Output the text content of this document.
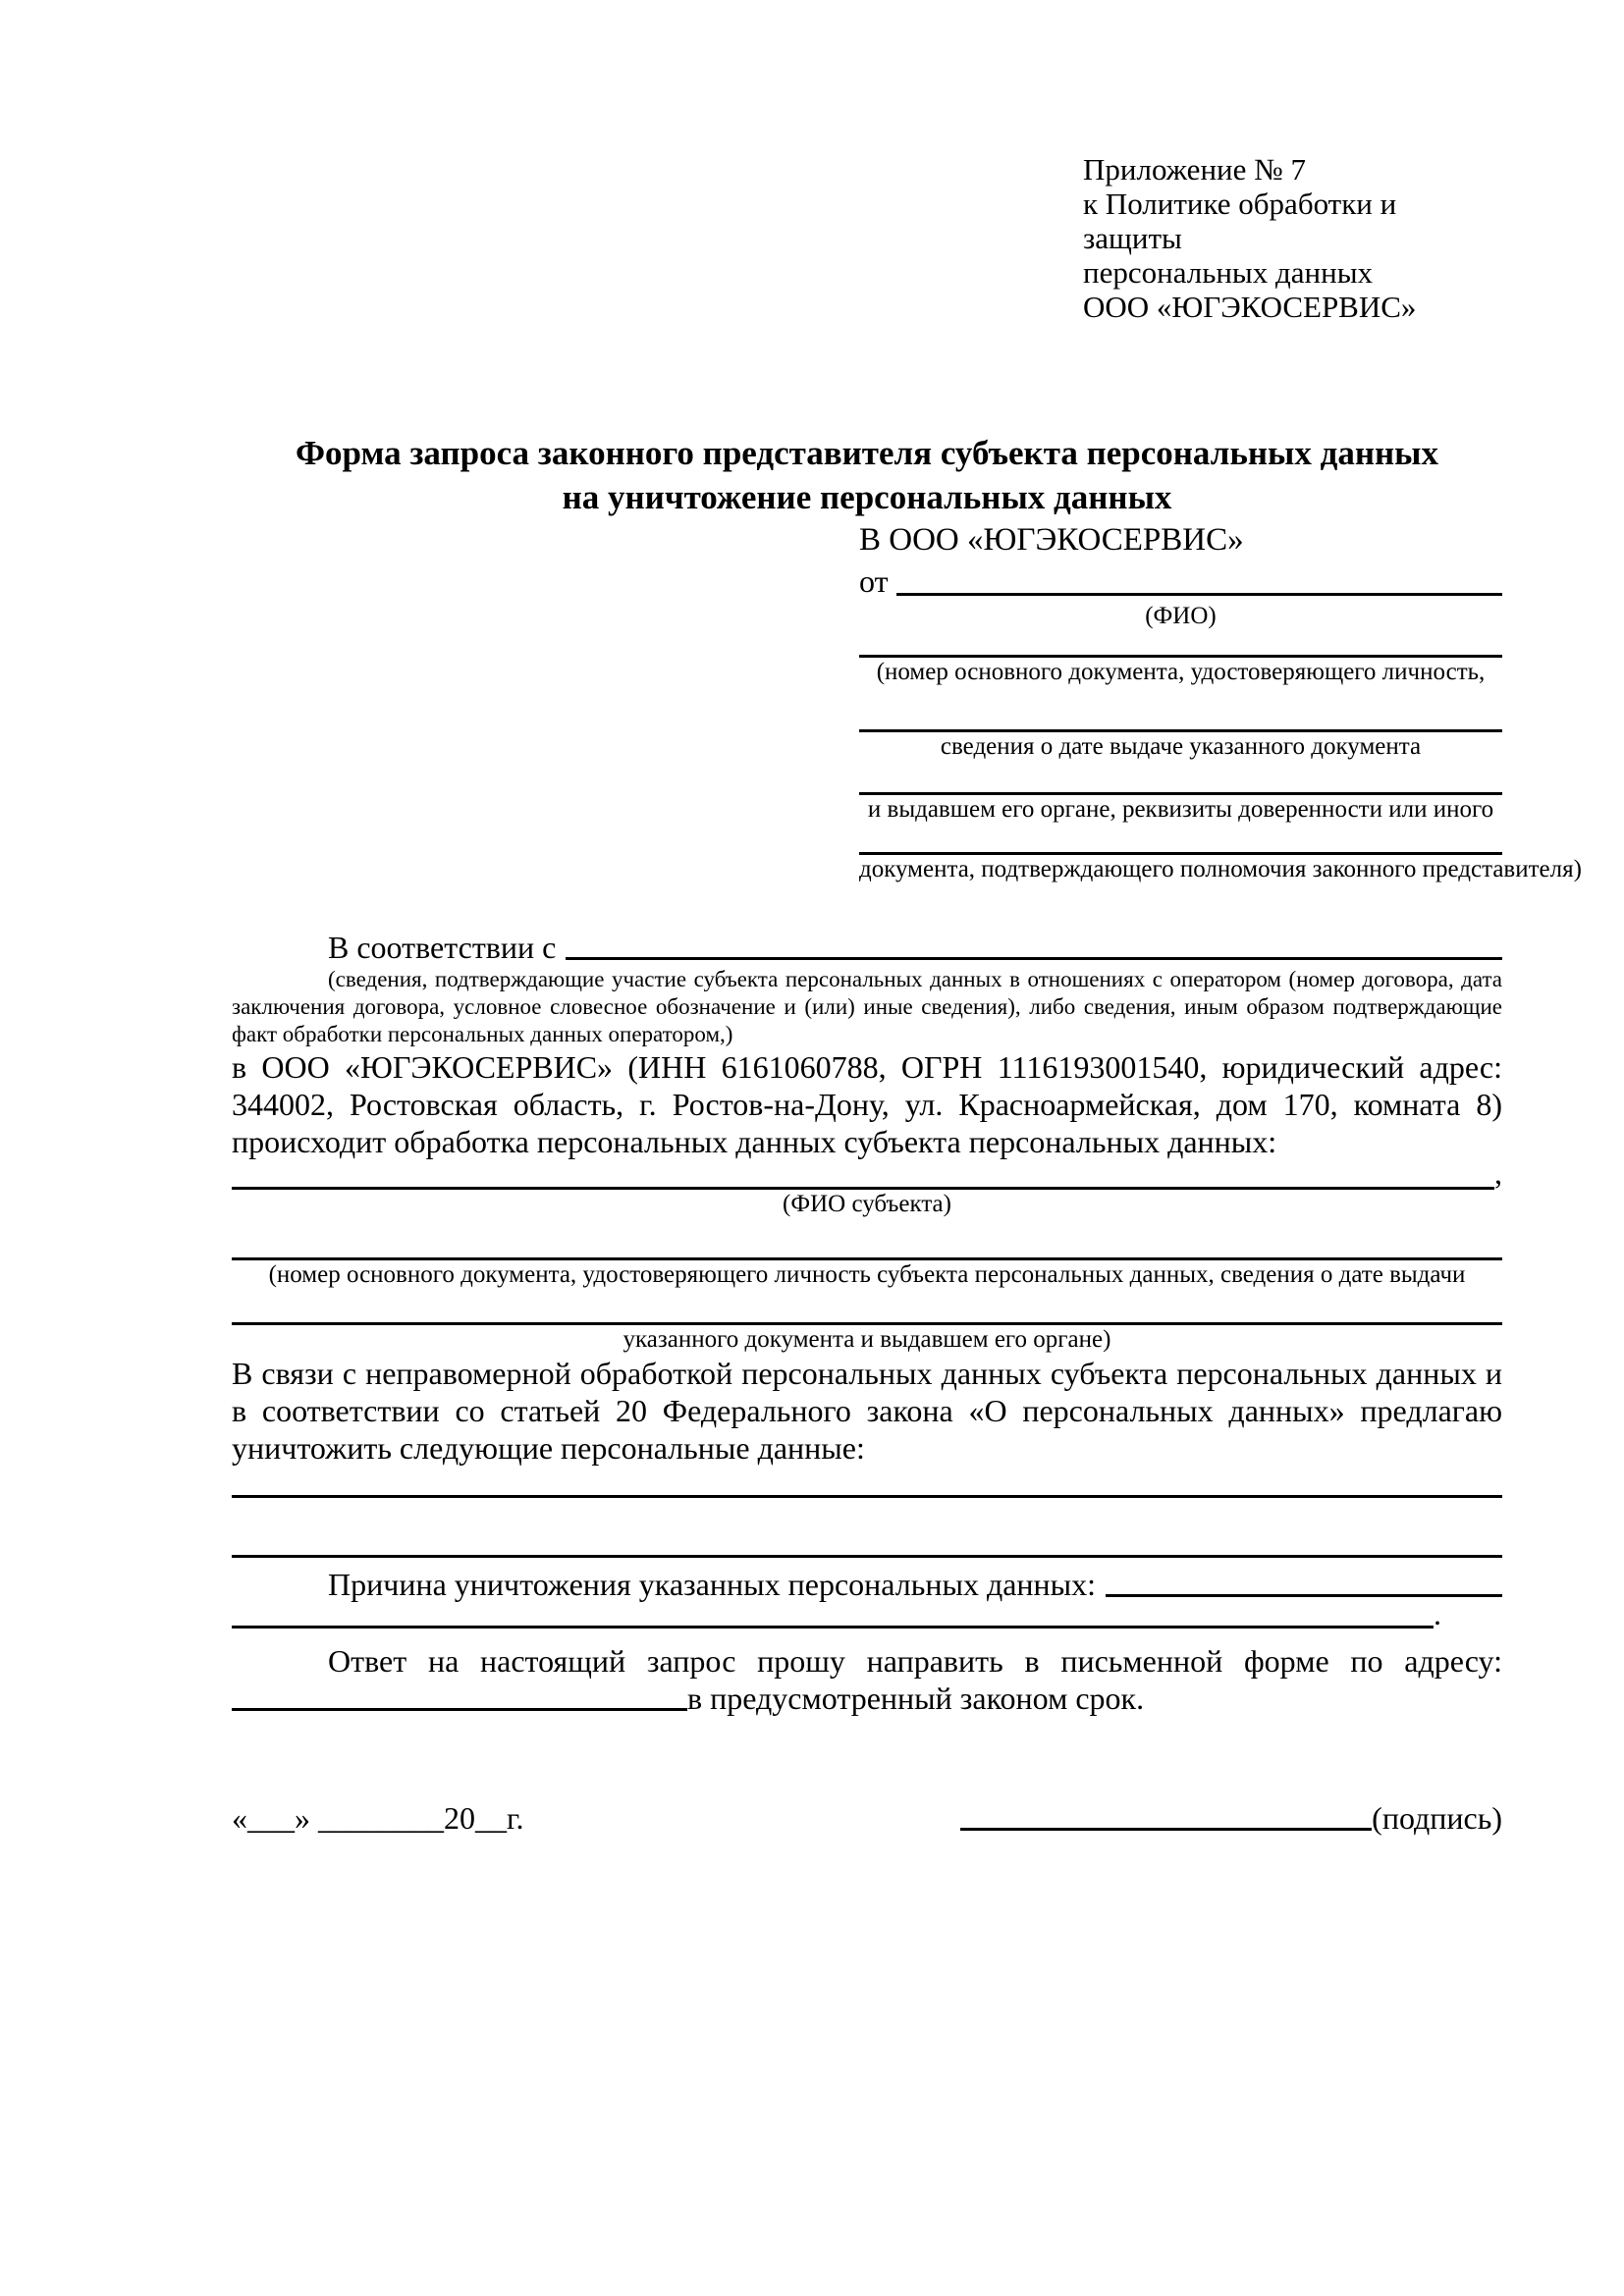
Приложение № 7
к Политике обработки и защиты
персональных данных
ООО «ЮГЭКОСЕРВИС»
Форма запроса законного представителя субъекта персональных данных
на уничтожение персональных данных
В ООО «ЮГЭКОСЕРВИС»
от
(ФИО)
(номер основного документа, удостоверяющего личность,
сведения о дате выдаче указанного документа
и выдавшем его органе, реквизиты доверенности или иного
документа, подтверждающего полномочия законного представителя)
В соответствии с

(сведения, подтверждающие участие субъекта персональных данных в отношениях с оператором (номер договора, дата заключения договора, условное словесное обозначение и (или) иные сведения), либо сведения, иным образом подтверждающие факт обработки персональных данных оператором,)

в ООО «ЮГЭКОСЕРВИС» (ИНН 6161060788, ОГРН 1116193001540, юридический адрес: 344002, Ростовская область, г. Ростов-на-Дону, ул. Красноармейская, дом 170, комната 8) происходит обработка персональных данных субъекта персональных данных:

,
(ФИО субъекта)
(номер основного документа, удостоверяющего личность субъекта персональных данных, сведения о дате выдачи
указанного документа и выдавшем его органе)

В связи с неправомерной обработкой персональных данных субъекта персональных данных и в соответствии со статьей 20 Федерального закона «О персональных данных» предлагаю уничтожить следующие персональные данные:

Причина уничтожения указанных персональных данных:
.
Ответ на настоящий запрос прошу направить в письменной форме по адресу:
в предусмотренный законом срок.
«___» ________20__г.	(подпись)
